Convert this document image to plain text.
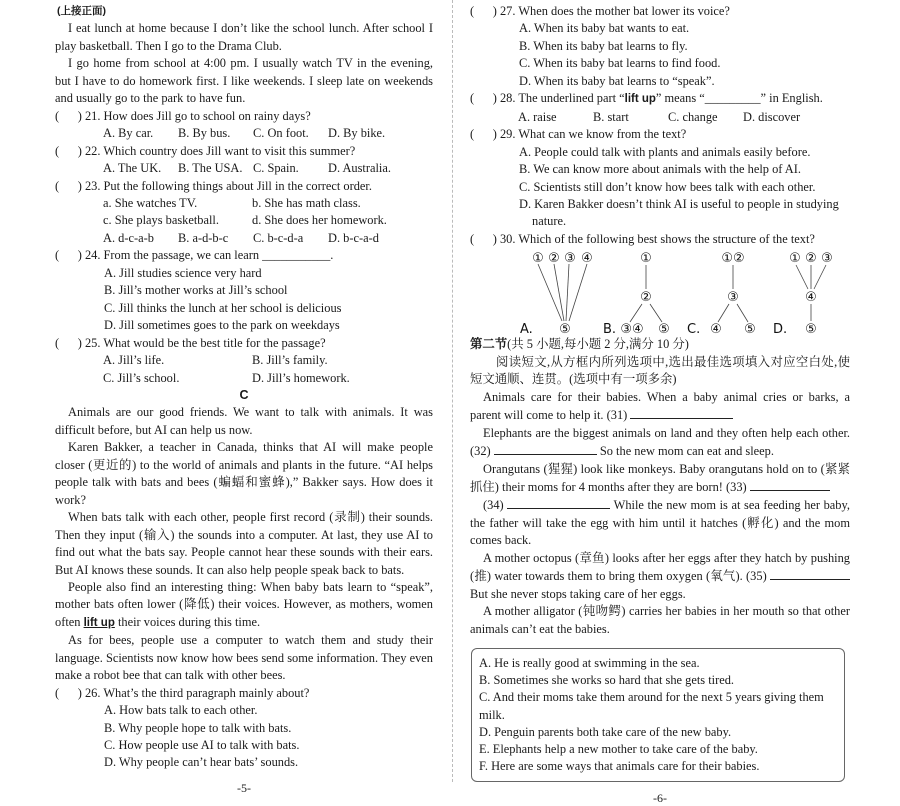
(上接正面)

I eat lunch at home because I don’t like the school lunch. After school I play basketball. Then I go to the Drama Club.

I go home from school at 4:00 pm. I usually watch TV in the evening, but I have to do homework first. I like weekends. I sleep late on weekends and usually go to the park to have fun.

(      ) 21. How does Jill go to school on rainy days?
A. By car.	B. By bus.	C. On foot.	D. By bike.
(      ) 22. Which country does Jill want to visit this summer?
A. The UK.	B. The USA. C. Spain.	D. Australia.
(      ) 23. Put the following things about Jill in the correct order.
a. She watches TV.	b. She has math class.
c. She plays basketball.	d. She does her homework.
A. d-c-a-b	B. a-d-b-c	C. b-c-d-a	D. b-c-a-d
(      ) 24. From the passage, we can learn ___________.
A. Jill studies science very hard
B. Jill’s mother works at Jill’s school
C. Jill thinks the lunch at her school is delicious
D. Jill sometimes goes to the park on weekdays
(      ) 25. What would be the best title for the passage?
A. Jill’s life.	B. Jill’s family.
C. Jill’s school.	D. Jill’s homework.
C

Animals are our good friends. We want to talk with animals. It was difficult before, but AI can help us now.

Karen Bakker, a teacher in Canada, thinks that AI will make people closer (更近的) to the world of animals and plants in the future. “AI helps people talk with bats and bees (蝙蝠和蜜蜂),” Bakker says. How does it work?

When bats talk with each other, people first record (录制) their sounds. Then they input (输入) the sounds into a computer. At last, they use AI to find out what the bats say. People cannot hear these sounds with their ears. But AI knows these sounds. It can also help people speak back to bats.

People also find an interesting thing: When baby bats learn to “speak”, mother bats often lower (降低) their voices. However, as mothers, women often lift up their voices during this time.

As for bees, people use a computer to watch them and study their language. Scientists now know how bees send some information. They even make a robot bee that can talk with other bees.

(      ) 26. What’s the third paragraph mainly about?
A. How bats talk to each other.
B. Why people hope to talk with bats.
C. How people use AI to talk with bats.
D. Why people can’t hear bats’ sounds.
-5-
(      ) 27. When does the mother bat lower its voice?
A. When its baby bat wants to eat.
B. When its baby bat learns to fly.
C. When its baby bat learns to find food.
D. When its baby bat learns to “speak”.
(      ) 28. The underlined part “lift up” means “_________” in English.
A. raise	B. start	C. change	D. discover
(      ) 29. What can we know from the text?
A. People could talk with plants and animals easily before.
B. We can know more about animals with the help of AI.
C. Scientists still don’t know how bees talk with each other.
D. Karen Bakker doesn’t think AI is useful to people in studying nature.
(      ) 30. Which of the following best shows the structure of the text?
① ② ③ ④
⑤
①
②
③④ ⑤
①②
③
④ ⑤
① ② ③
④
⑤
A.	B.	C.	D.
第二节(共 5 小题,每小题 2 分,满分 10 分)

阅读短文,从方框内所列选项中,选出最佳选项填入对应空白处,使短文通顺、连贯。(选项中有一项多余)

Animals care for their babies. When a baby animal cries or barks, a parent will come to help it. (31)

Elephants are the biggest animals on land and they often help each other. (32)	So the new mom can eat and sleep.

Orangutans (猩猩) look like monkeys. Baby orangutans hold on to (紧紧抓住) their moms for 4 months after they are born! (33)

(34)	While the new mom is at sea feeding her baby, the father will take the egg with him until it hatches (孵化) and the mom comes back.

A mother octopus (章鱼) looks after her eggs after they hatch by pushing (推) water towards them to bring them oxygen (氧气). (35)  But she never stops taking care of her eggs.

A mother alligator (钝吻鳄) carries her babies in her mouth so that other animals can’t eat the babies.

A. He is really good at swimming in the sea.
B. Sometimes she works so hard that she gets tired.
C. And their moms take them around for the next 5 years giving them milk.
D. Penguin parents both take care of the new baby.
E. Elephants help a new mother to take care of the baby.
F. Here are some ways that animals care for their babies.
-6-
